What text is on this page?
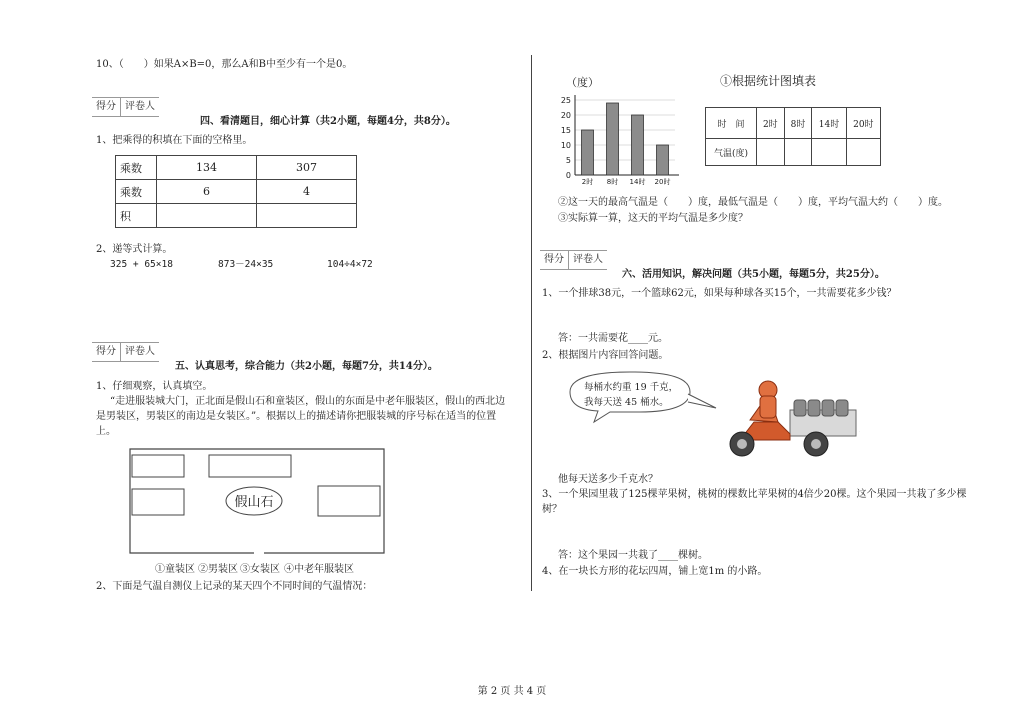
10、（　　）如果A×B=0，那么A和B中至少有一个是0。
得分 评卷人
四、看清题目，细心计算（共2小题，每题4分，共8分）。
1、把乘得的积填在下面的空格里。
乘数	134	307
乘数	6	4
积		
2、递等式计算。
325 + 65×18	873－24×35	104÷4×72
得分 评卷人
五、认真思考，综合能力（共2小题，每题7分，共14分）。
1、仔细观察，认真填空。
“走进服装城大门，正北面是假山石和童装区，假山的东面是中老年服装区，假山的西北边
是男装区，男装区的南边是女装区。”。根据以上的描述请你把服装城的序号标在适当的位置
上。
假山石
①童装区 ②男装区 ③女装区 ④中老年服装区
2、下面是气温自测仪上记录的某天四个不同时间的气温情况：
（度）	①根据统计图填表
0
5
10
15
20
25
2时 8时 14时 20时
时　间	2时	8时	14时	20时
气温(度)				
②这一天的最高气温是（　　）度，最低气温是（　　）度，平均气温大约（　　）度。
③实际算一算，这天的平均气温是多少度？
得分 评卷人
六、活用知识，解决问题（共5小题，每题5分，共25分）。
1、一个排球38元，一个篮球62元，如果每种球各买15个，一共需要花多少钱？
答：一共需要花____元。
2、根据图片内容回答问题。
每桶水约重 19 千克，
我每天送 45 桶水。
他每天送多少千克水？
3、一个果园里栽了125棵苹果树，桃树的棵数比苹果树的4倍少20棵。这个果园一共栽了多少棵
树？
答：这个果园一共栽了____棵树。
4、在一块长方形的花坛四周，铺上宽1m 的小路。
第 2 页 共 4 页
